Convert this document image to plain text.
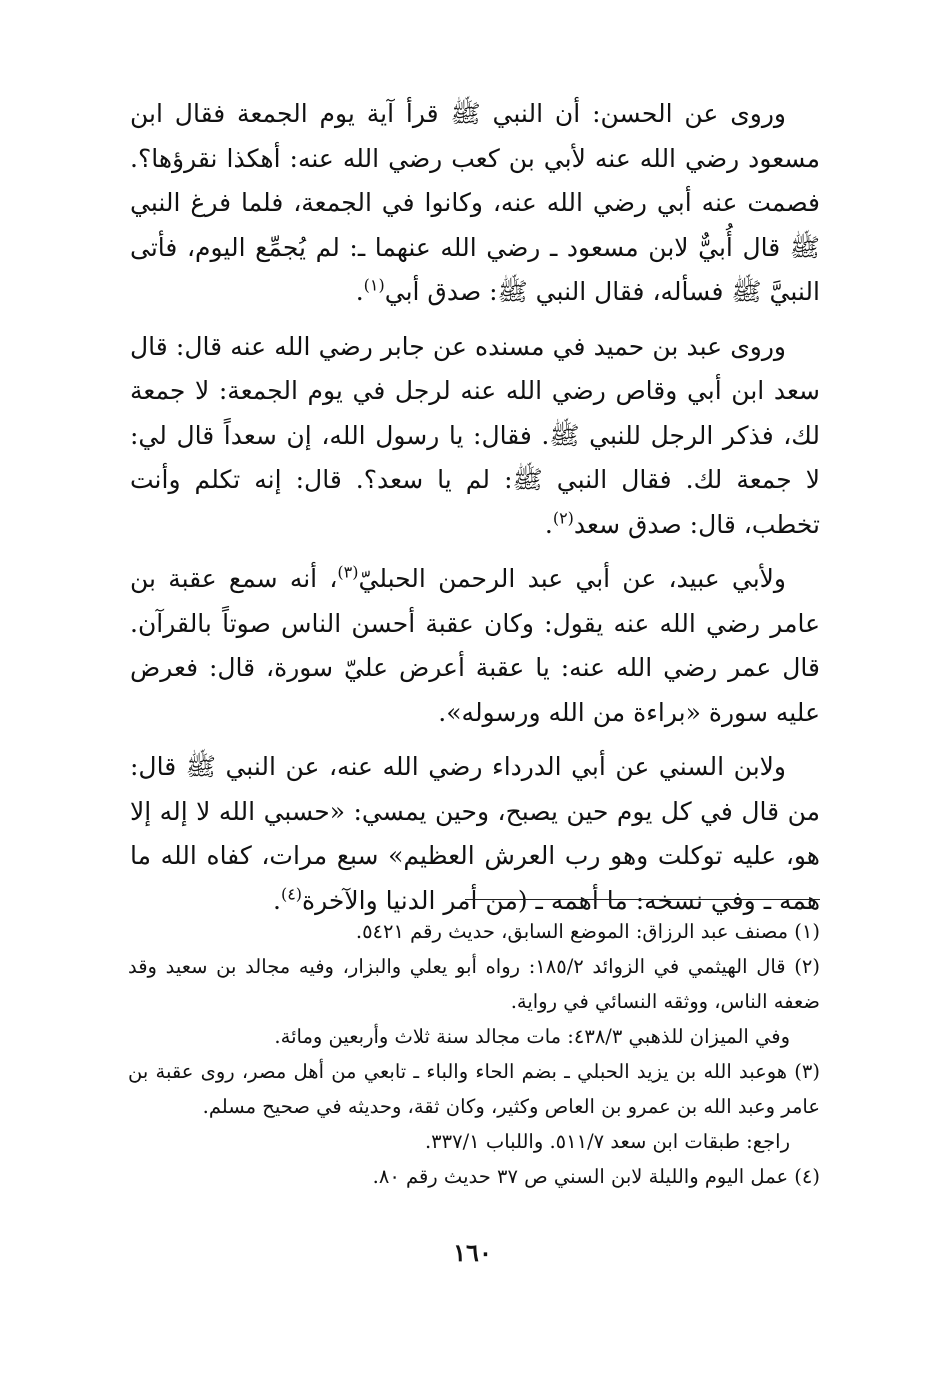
وروى عن الحسن: أن النبي ﷺ قرأ آية يوم الجمعة فقال ابن مسعود رضي الله عنه لأبي بن كعب رضي الله عنه: أهكذا نقرؤها؟. فصمت عنه أبي رضي الله عنه، وكانوا في الجمعة، فلما فرغ النبي ﷺ قال أُبيٌّ لابن مسعود ـ رضي الله عنهما ـ: لم يُجمِّع اليوم، فأتى النبيَّ ﷺ فسأله، فقال النبي ﷺ: صدق أبي$^{(١)}$.

وروى عبد بن حميد في مسنده عن جابر رضي الله عنه قال: قال سعد ابن أبي وقاص رضي الله عنه لرجل في يوم الجمعة: لا جمعة لك، فذكر الرجل للنبي ﷺ. فقال: يا رسول الله، إن سعداً قال لي: لا جمعة لك. فقال النبي ﷺ: لم يا سعد؟. قال: إنه تكلم وأنت تخطب، قال: صدق سعد$^{(٢)}$.

ولأبي عبيد، عن أبي عبد الرحمن الحبليّ$^{(٣)}$، أنه سمع عقبة بن عامر رضي الله عنه يقول: وكان عقبة أحسن الناس صوتاً بالقرآن. قال عمر رضي الله عنه: يا عقبة أعرض عليّ سورة، قال: فعرض عليه سورة «براءة من الله ورسوله».

ولابن السني عن أبي الدرداء رضي الله عنه، عن النبي ﷺ قال: من قال في كل يوم حين يصبح، وحين يمسي: «حسبي الله لا إله إلا هو، عليه توكلت وهو رب العرش العظيم» سبع مرات، كفاه الله ما همه ـ وفي نسخه: ما أهمه ـ (من أمر الدنيا والآخرة$^{(٤)}$.

(١) مصنف عبد الرزاق: الموضع السابق، حديث رقم ٥٤٢١.

(٢) قال الهيثمي في الزوائد ١٨٥/٢: رواه أبو يعلي والبزار، وفيه مجالد بن سعيد وقد ضعفه الناس، ووثقه النسائي في رواية.

وفي الميزان للذهبي ٤٣٨/٣: مات مجالد سنة ثلاث وأربعين ومائة.

(٣) هوعبد الله بن يزيد الحبلي ـ بضم الحاء والباء ـ تابعي من أهل مصر، روى عقبة بن عامر وعبد الله بن عمرو بن العاص وكثير، وكان ثقة، وحديثه في صحيح مسلم.

راجع: طبقات ابن سعد ٥١١/٧. واللباب ٣٣٧/١.

(٤) عمل اليوم والليلة لابن السني ص ٣٧ حديث رقم ٨٠.

١٦٠
